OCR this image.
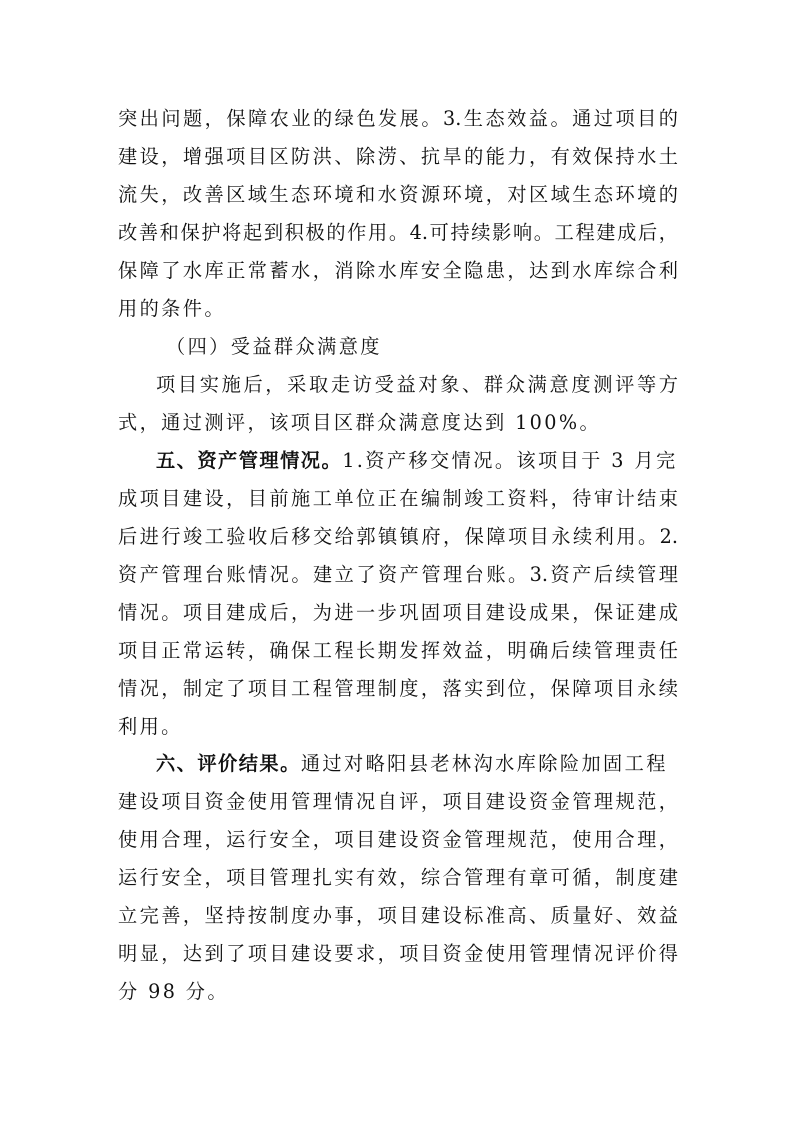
突出问题，保障农业的绿色发展。3.生态效益。通过项目的
建设，增强项目区防洪、除涝、抗旱的能力，有效保持水土
流失，改善区域生态环境和水资源环境，对区域生态环境的
改善和保护将起到积极的作用。4.可持续影响。工程建成后，
保障了水库正常蓄水，消除水库安全隐患，达到水库综合利
用的条件。
（四）受益群众满意度
项目实施后，采取走访受益对象、群众满意度测评等方
式，通过测评，该项目区群众满意度达到 100%。
五、资产管理情况。1.资产移交情况。该项目于 3 月完
成项目建设，目前施工单位正在编制竣工资料，待审计结束
后进行竣工验收后移交给郭镇镇府，保障项目永续利用。2.
资产管理台账情况。建立了资产管理台账。3.资产后续管理
情况。项目建成后，为进一步巩固项目建设成果，保证建成
项目正常运转，确保工程长期发挥效益，明确后续管理责任
情况，制定了项目工程管理制度，落实到位，保障项目永续
利用。
六、评价结果。通过对略阳县老林沟水库除险加固工程
建设项目资金使用管理情况自评，项目建设资金管理规范，
使用合理，运行安全，项目建设资金管理规范，使用合理，
运行安全，项目管理扎实有效，综合管理有章可循，制度建
立完善，坚持按制度办事，项目建设标准高、质量好、效益
明显，达到了项目建设要求，项目资金使用管理情况评价得
分 98 分。
